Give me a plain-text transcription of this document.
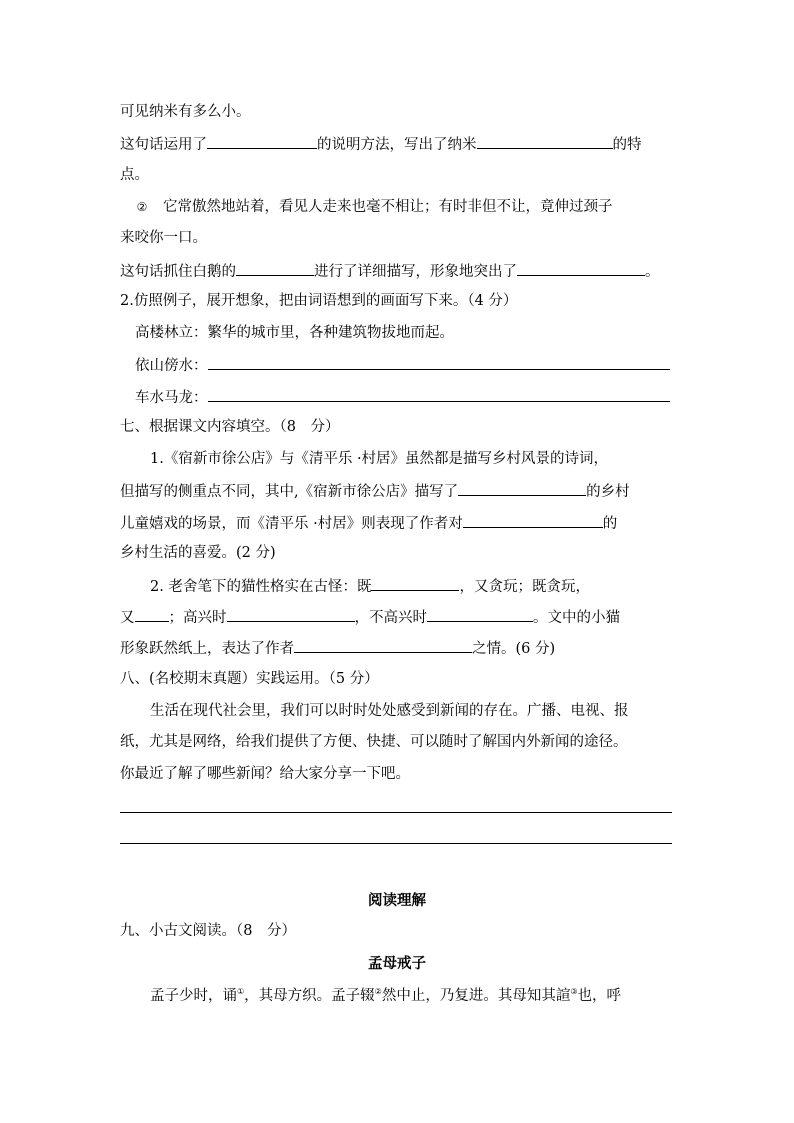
可见纳米有多么小。
这句话运用了	的说明方法，写出了纳米	的特
点。
② 它常傲然地站着，看见人走来也毫不相让；有时非但不让，竟伸过颈子
来咬你一口。
这句话抓住白鹅的	进行了详细描写，形象地突出了	。
2.仿照例子，展开想象，把由词语想到的画面写下来。（4 分）
高楼林立：繁华的城市里，各种建筑物拔地而起。
依山傍水：
车水马龙：
七、根据课文内容填空。（8　分）
1.《宿新市徐公店》与《清平乐 ·村居》虽然都是描写乡村风景的诗词，
但描写的侧重点不同，其中,《宿新市徐公店》描写了	的乡村
儿童嬉戏的场景，而《清平乐 ·村居》则表现了作者对	的
乡村生活的喜爱。(2 分)
2. 老舍笔下的猫性格实在古怪：既	，又贪玩；既贪玩，
又 ；高兴时	，不高兴时	。文中的小猫
形象跃然纸上，表达了作者	之情。(6 分)
八、(名校期末真题）实践运用。（5 分）
生活在现代社会里，我们可以时时处处感受到新闻的存在。广播、电视、报
纸，尤其是网络，给我们提供了方便、快捷、可以随时了解国内外新闻的途径。
你最近了解了哪些新闻？给大家分享一下吧。
阅读理解
九、小古文阅读。（8　分）
孟母戒子
孟子少时，诵①，其母方织。孟子辍②然中止，乃复进。其母知其諠③也，呼
